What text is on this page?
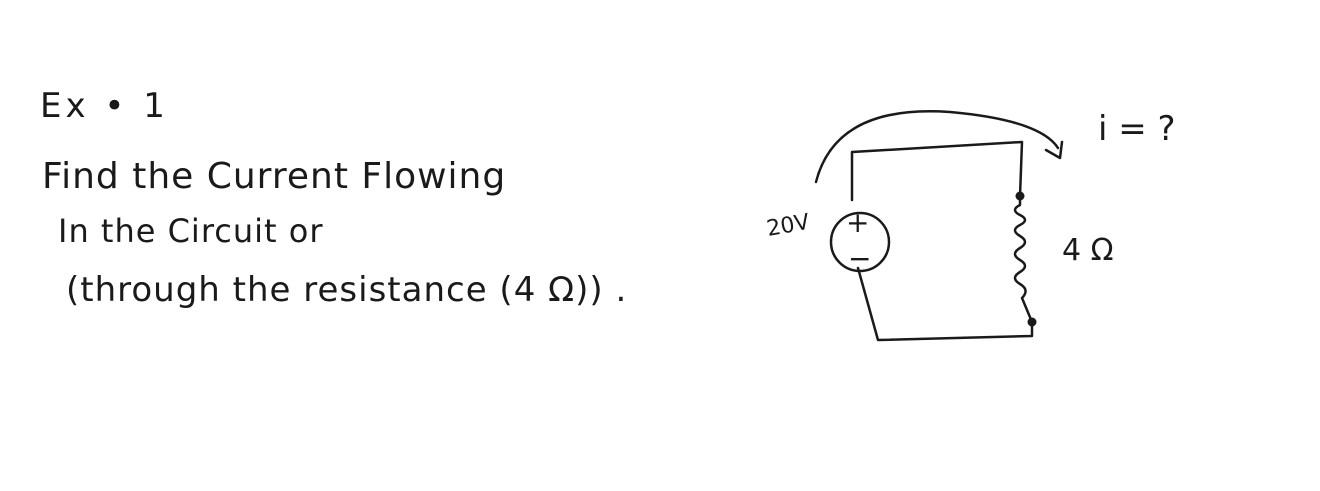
Ex • 1
Find the Current Flowing
In the Circuit or
(through the resistance (4 Ω)) .
+
−
20V
4 Ω
i = ?
